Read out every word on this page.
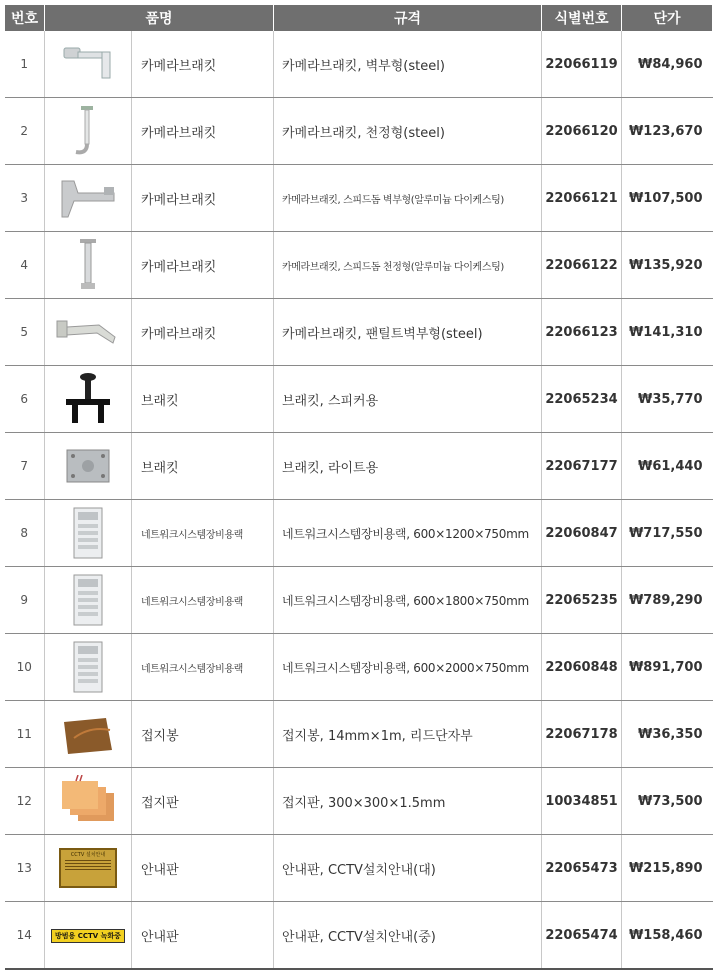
번호	품명		규격	식별번호	단가
1		카메라브래킷	카메라브래킷, 벽부형(steel)	22066119	₩84,960
2		카메라브래킷	카메라브래킷, 천정형(steel)	22066120	₩123,670
3		카메라브래킷	카메라브래킷, 스피드돔 벽부형(알루미늄 다이케스팅)	22066121	₩107,500
4		카메라브래킷	카메라브래킷, 스피드돔 천정형(알루미늄 다이케스팅)	22066122	₩135,920
5		카메라브래킷	카메라브래킷, 팬틸트벽부형(steel)	22066123	₩141,310
6		브래킷	브래킷, 스피커용	22065234	₩35,770
7		브래킷	브래킷, 라이트용	22067177	₩61,440
8		네트워크시스템장비용랙	네트워크시스템장비용랙, 600×1200×750mm	22060847	₩717,550
9		네트워크시스템장비용랙	네트워크시스템장비용랙, 600×1800×750mm	22065235	₩789,290
10		네트워크시스템장비용랙	네트워크시스템장비용랙, 600×2000×750mm	22060848	₩891,700
11		접지봉	접지봉, 14mm×1m, 리드단자부	22067178	₩36,350
12		접지판	접지판, 300×300×1.5mm	10034851	₩73,500
13	CCTV 설치안내	안내판	안내판, CCTV설치안내(대)	22065473	₩215,890
14	방범용 CCTV 녹화중	안내판	안내판, CCTV설치안내(중)	22065474	₩158,460
